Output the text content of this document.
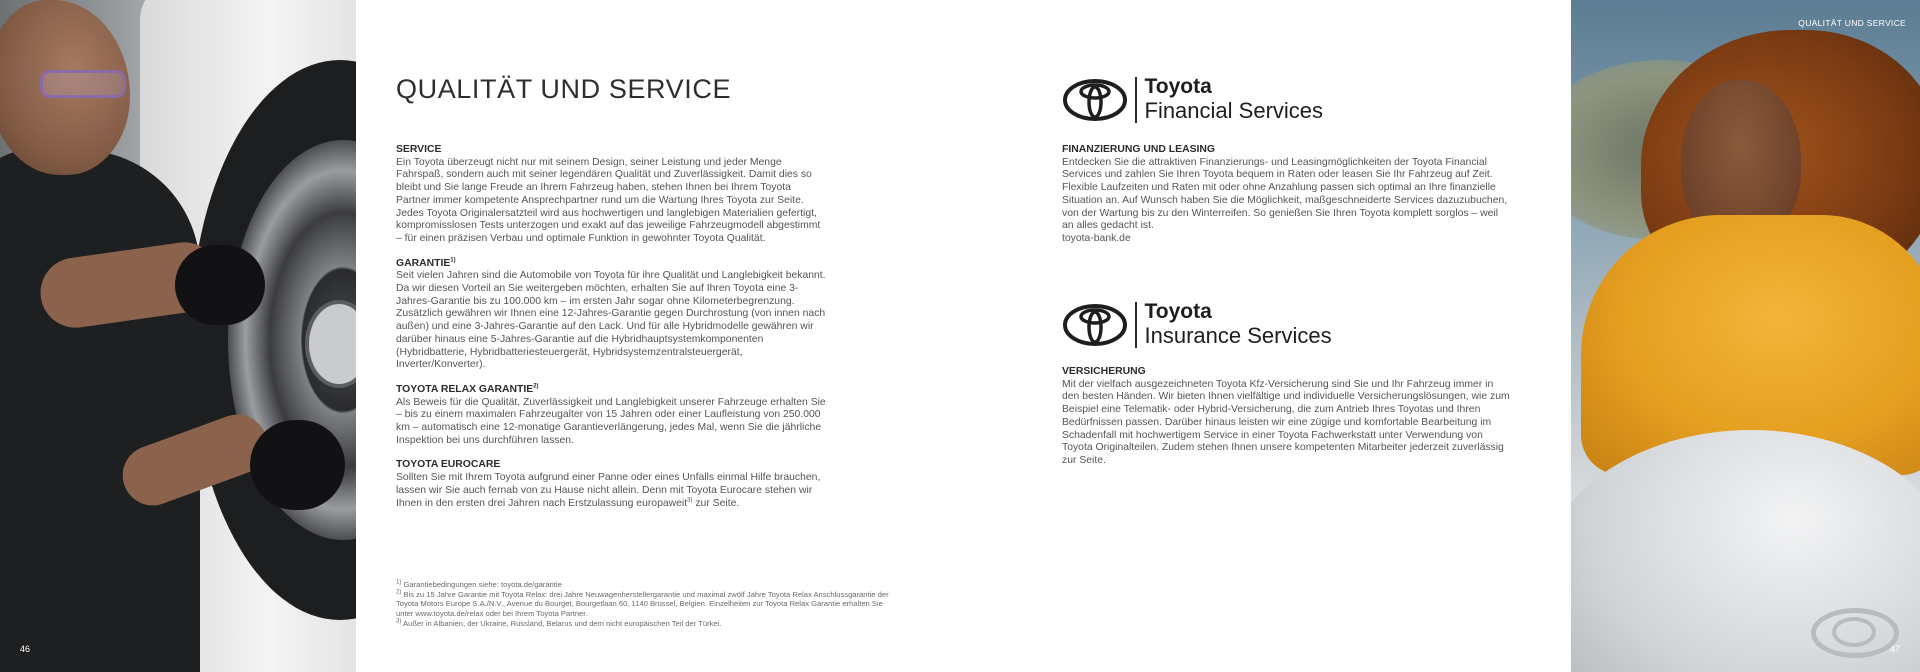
46
QUALITÄT UND SERVICE
SERVICE

Ein Toyota überzeugt nicht nur mit seinem Design, seiner Leistung und jeder Menge Fahrspaß, sondern auch mit seiner legendären Qualität und Zuverlässigkeit. Damit dies so bleibt und Sie lange Freude an Ihrem Fahrzeug haben, stehen Ihnen bei Ihrem Toyota Partner immer kompetente Ansprechpartner rund um die Wartung Ihres Toyota zur Seite. Jedes Toyota Originalersatzteil wird aus hochwertigen und langlebigen Materialien gefertigt, kompromisslosen Tests unterzogen und exakt auf das jeweilige Fahrzeugmodell abgestimmt – für einen präzisen Verbau und optimale Funktion in gewohnter Toyota Qualität.

GARANTIE$^{1)}$

Seit vielen Jahren sind die Automobile von Toyota für ihre Qualität und Langlebigkeit bekannt. Da wir diesen Vorteil an Sie weitergeben möchten, erhalten Sie auf Ihren Toyota eine 3-Jahres-Garantie bis zu 100.000 km – im ersten Jahr sogar ohne Kilometerbegrenzung. Zusätzlich gewähren wir Ihnen eine 12-Jahres-Garantie gegen Durchrostung (von innen nach außen) und eine 3-Jahres-Garantie auf den Lack. Und für alle Hybridmodelle gewähren wir darüber hinaus eine 5-Jahres-Garantie auf die Hybridhauptsystemkomponenten (Hybridbatterie, Hybridbatteriesteuergerät, Hybridsystemzentralsteuergerät, Inverter/Konverter).

TOYOTA RELAX GARANTIE$^{2)}$

Als Beweis für die Qualität, Zuverlässigkeit und Langlebigkeit unserer Fahrzeuge erhalten Sie – bis zu einem maximalen Fahrzeugalter von 15 Jahren oder einer Laufleistung von 250.000 km – automatisch eine 12-monatige Garantieverlängerung, jedes Mal, wenn Sie die jährliche Inspektion bei uns durchführen lassen.

TOYOTA EUROCARE

Sollten Sie mit Ihrem Toyota aufgrund einer Panne oder eines Unfalls einmal Hilfe brauchen, lassen wir Sie auch fernab von zu Hause nicht allein. Denn mit Toyota Eurocare stehen wir Ihnen in den ersten drei Jahren nach Erstzulassung europaweit$^{3)}$ zur Seite.

$^{1)}$ Garantiebedingungen siehe: toyota.de/garantie
$^{2)}$ Bis zu 15 Jahre Garantie mit Toyota Relax: drei Jahre Neuwagenherstellergarantie und maximal zwölf Jahre Toyota Relax Anschlussgarantie der Toyota Motors Europe S.A./N.V., Avenue du Bourget, Bourgetlaan 60, 1140 Brüssel, Belgien. Einzelheiten zur Toyota Relax Garantie erhalten Sie unter www.toyota.de/relax oder bei Ihrem Toyota Partner.
$^{3)}$ Außer in Albanien, der Ukraine, Russland, Belarus und dem nicht europäischen Teil der Türkei.
Toyota
Financial Services
FINANZIERUNG UND LEASING

Entdecken Sie die attraktiven Finanzierungs- und Leasingmöglichkeiten der Toyota Financial Services und zahlen Sie Ihren Toyota bequem in Raten oder leasen Sie Ihr Fahrzeug auf Zeit. Flexible Laufzeiten und Raten mit oder ohne Anzahlung passen sich optimal an Ihre finanzielle Situation an. Auf Wunsch haben Sie die Möglichkeit, maßgeschneiderte Services dazuzubuchen, von der Wartung bis zu den Winterreifen. So genießen Sie Ihren Toyota komplett sorglos – weil an alles gedacht ist.

toyota-bank.de

Toyota
Insurance Services
VERSICHERUNG

Mit der vielfach ausgezeichneten Toyota Kfz-Versicherung sind Sie und Ihr Fahrzeug immer in den besten Händen. Wir bieten Ihnen vielfältige und individuelle Versicherungslösungen, wie zum Beispiel eine Telematik- oder Hybrid-Versicherung, die zum Antrieb Ihres Toyotas und Ihren Bedürfnissen passen. Darüber hinaus leisten wir eine zügige und komfortable Bearbeitung im Schadenfall mit hochwertigem Service in einer Toyota Fachwerkstatt unter Verwendung von Toyota Originalteilen. Zudem stehen Ihnen unsere kompetenten Mitarbeiter jederzeit zuverlässig zur Seite.

QUALITÄT UND SERVICE
47
